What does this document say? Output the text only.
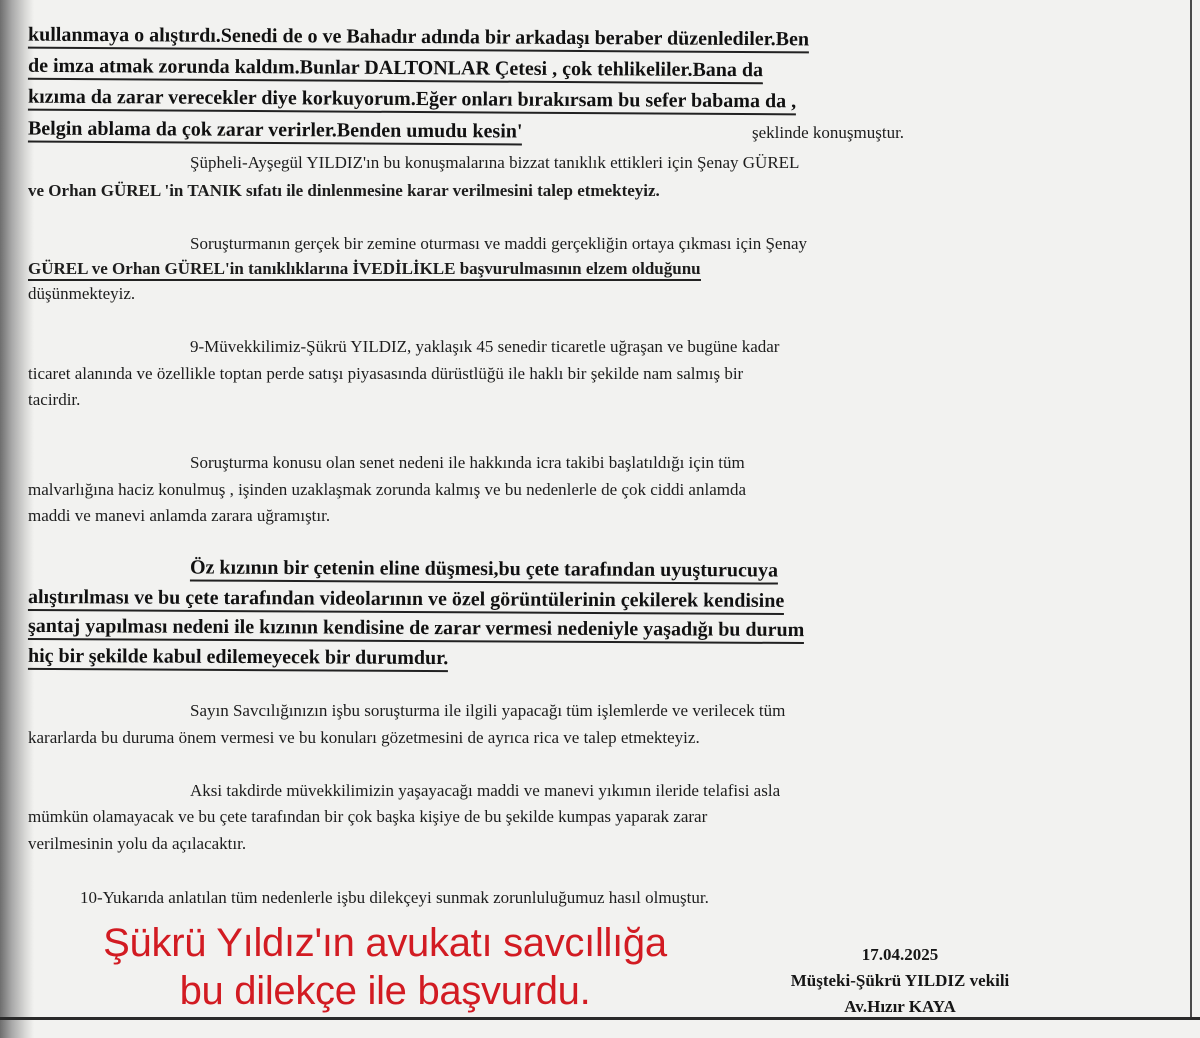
kullanmaya o alıştırdı.Senedi de o ve Bahadır adında bir arkadaşı beraber düzenlediler.Ben
de imza atmak zorunda kaldım.Bunlar DALTONLAR Çetesi , çok tehlikeliler.Bana da
kızıma da zarar verecekler diye korkuyorum.Eğer onları bırakırsam bu sefer babama da ,
Belgin ablama da çok zarar verirler.Benden umudu kesin'	şeklinde konuşmuştur.
Şüpheli-Ayşegül YILDIZ'ın bu konuşmalarına bizzat tanıklık ettikleri için Şenay GÜREL
ve Orhan GÜREL 'in TANIK sıfatı ile dinlenmesine karar verilmesini talep etmekteyiz.
Soruşturmanın gerçek bir zemine oturması ve maddi gerçekliğin ortaya çıkması için Şenay
GÜREL ve Orhan GÜREL'in tanıklıklarına İVEDİLİKLE başvurulmasının elzem olduğunu
düşünmekteyiz.
9-Müvekkilimiz-Şükrü YILDIZ, yaklaşık 45 senedir ticaretle uğraşan ve bugüne kadar
ticaret alanında ve özellikle toptan perde satışı piyasasında dürüstlüğü ile haklı bir şekilde nam salmış bir
tacirdir.
Soruşturma konusu olan senet nedeni ile hakkında icra takibi başlatıldığı için tüm
malvarlığına haciz konulmuş , işinden uzaklaşmak zorunda kalmış ve bu nedenlerle de çok ciddi anlamda
maddi ve manevi anlamda zarara uğramıştır.
Öz kızının bir çetenin eline düşmesi,bu çete tarafından uyuşturucuya
alıştırılması ve bu çete tarafından videolarının ve özel görüntülerinin çekilerek kendisine
şantaj yapılması nedeni ile kızının kendisine de zarar vermesi nedeniyle yaşadığı bu durum
hiç bir şekilde kabul edilemeyecek bir durumdur.
Sayın Savcılığınızın işbu soruşturma ile ilgili yapacağı tüm işlemlerde ve verilecek tüm
kararlarda bu duruma önem vermesi ve bu konuları gözetmesini de ayrıca rica ve talep etmekteyiz.
Aksi takdirde müvekkilimizin yaşayacağı maddi ve manevi yıkımın ileride telafisi asla
mümkün olamayacak ve bu çete tarafından bir çok başka kişiye de bu şekilde kumpas yaparak zarar
verilmesinin yolu da açılacaktır.
10-Yukarıda anlatılan tüm nedenlerle işbu dilekçeyi sunmak zorunluluğumuz hasıl olmuştur.
17.04.2025
Müşteki-Şükrü YILDIZ vekili
Av.Hızır KAYA
Şükrü Yıldız'ın avukatı savcıllığa
bu dilekçe ile başvurdu.
